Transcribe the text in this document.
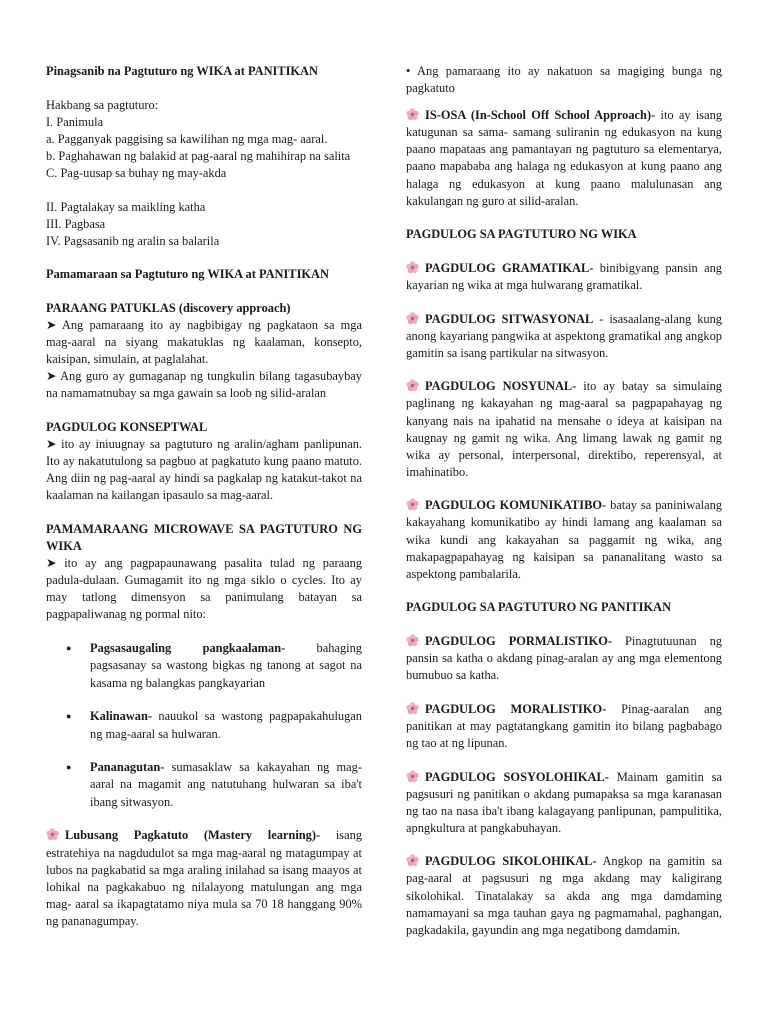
Pinagsanib na Pagtuturo ng WIKA at PANITIKAN

Hakbang sa pagtuturo:
I. Panimula
a. Pagganyak paggising sa kawilihan ng mga mag- aaral.
b. Paghahawan ng balakid at pag-aaral ng mahihirap na salita
C. Pag-uusap sa buhay ng may-akda

II. Pagtalakay sa maikling katha
III. Pagbasa
IV. Pagsasanib ng aralin sa balarila

Pamamaraan sa Pagtuturo ng WIKA at PANITIKAN

PARAANG PATUKLAS (discovery approach)
➤ Ang pamaraang ito ay nagbibigay ng pagkataon sa mga mag-aaral na siyang makatuklas ng kaalaman, konsepto, kaisipan, simulain, at paglalahat.
➤ Ang guro ay gumaganap ng tungkulin bilang tagasubaybay na namamatnubay sa mga gawain sa loob ng silid-aralan
PAGDULOG KONSEPTWAL
➤ ito ay iniuugnay sa pagtuturo ng aralin/agham panlipunan. Ito ay nakatutulong sa pagbuo at pagkatuto kung paano matuto. Ang diin ng pag-aaral ay hindi sa pagkalap ng katakut-takot na kaalaman na kailangan ipasaulo sa mag-aaral.
PAMAMARAANG MICROWAVE SA PAGTUTURO NG WIKA
➤ ito ay ang pagpapaunawang pasalita tulad ng paraang padula-dulaan. Gumagamit ito ng mga siklo o cycles. Ito ay may tatlong dimensyon sa panimulang batayan sa pagpapaliwanag ng pormal nito:
● Pagsasaugaling pangkaalaman- bahaging pagsasanay sa wastong bigkas ng tanong at sagot na kasama ng balangkas pangkayarian
● Kalinawan- nauukol sa wastong pagpapakahulugan ng mag-aaral sa hulwaran.
● Pananagutan- sumasaklaw sa kakayahan ng mag-aaral na magamit ang natutuhang hulwaran sa iba't ibang sitwasyon.

Lubusang Pagkatuto (Mastery learning)- isang estratehiya na nagdudulot sa mga mag-aaral ng matagumpay at lubos na pagkabatid sa mga araling inilahad sa isang maayos at lohikal na pagkakabuo ng nilalayong matulungan ang mga mag- aaral sa ikapagtatamo niya mula sa 70 18 hanggang 90% ng pananagumpay.

• Ang pamaraang ito ay nakatuon sa magiging bunga ng pagkatuto

IS-OSA (In-School Off School Approach)- ito ay isang katugunan sa sama- samang suliranin ng edukasyon na kung paano mapataas ang pamantayan ng pagtuturo sa elementarya, paano mapababa ang halaga ng edukasyon at kung paano ang halaga ng edukasyon at kung paano malulunasan ang kakulangan ng guro at silid-aralan.

PAGDULOG SA PAGTUTURO NG WIKA

PAGDULOG GRAMATIKAL- binibigyang pansin ang kayarian ng wika at mga hulwarang gramatikal.

PAGDULOG SITWASYONAL - isasaalang-alang kung anong kayariang pangwika at aspektong gramatikal ang angkop gamitin sa isang partikular na sitwasyon.

PAGDULOG NOSYUNAL- ito ay batay sa simulaing paglinang ng kakayahan ng mag-aaral sa pagpapahayag ng kanyang nais na ipahatid na mensahe o ideya at kaisipan na kaugnay ng gamit ng wika. Ang limang lawak ng gamit ng wika ay personal, interpersonal, direktibo, reperensyal, at imahinatibo.

PAGDULOG KOMUNIKATIBO- batay sa paniniwalang kakayahang komunikatibo ay hindi lamang ang kaalaman sa wika kundi ang kakayahan sa paggamit ng wika, ang makapagpapahayag ng kaisipan sa pananalitang wasto sa aspektong pambalarila.

PAGDULOG SA PAGTUTURO NG PANITIKAN

PAGDULOG PORMALISTIKO- Pinagtutuunan ng pansin sa katha o akdang pinag-aralan ay ang mga elementong bumubuo sa katha.

PAGDULOG MORALISTIKO- Pinag-aaralan ang panitikan at may pagtatangkang gamitin ito bilang pagbabago ng tao at ng lipunan.

PAGDULOG SOSYOLOHIKAL- Mainam gamitin sa pagsusuri ng panitikan o akdang pumapaksa sa mga karanasan ng tao na nasa iba't ibang kalagayang panlipunan, pampulitika, apngkultura at pangkabuhayan.

PAGDULOG SIKOLOHIKAL- Angkop na gamitin sa pag-aaral at pagsusuri ng mga akdang may kaligirang sikolohikal. Tinatalakay sa akda ang mga damdaming namamayani sa mga tauhan gaya ng pagmamahal, paghangan, pagkadakila, gayundin ang mga negatibong damdamin.
